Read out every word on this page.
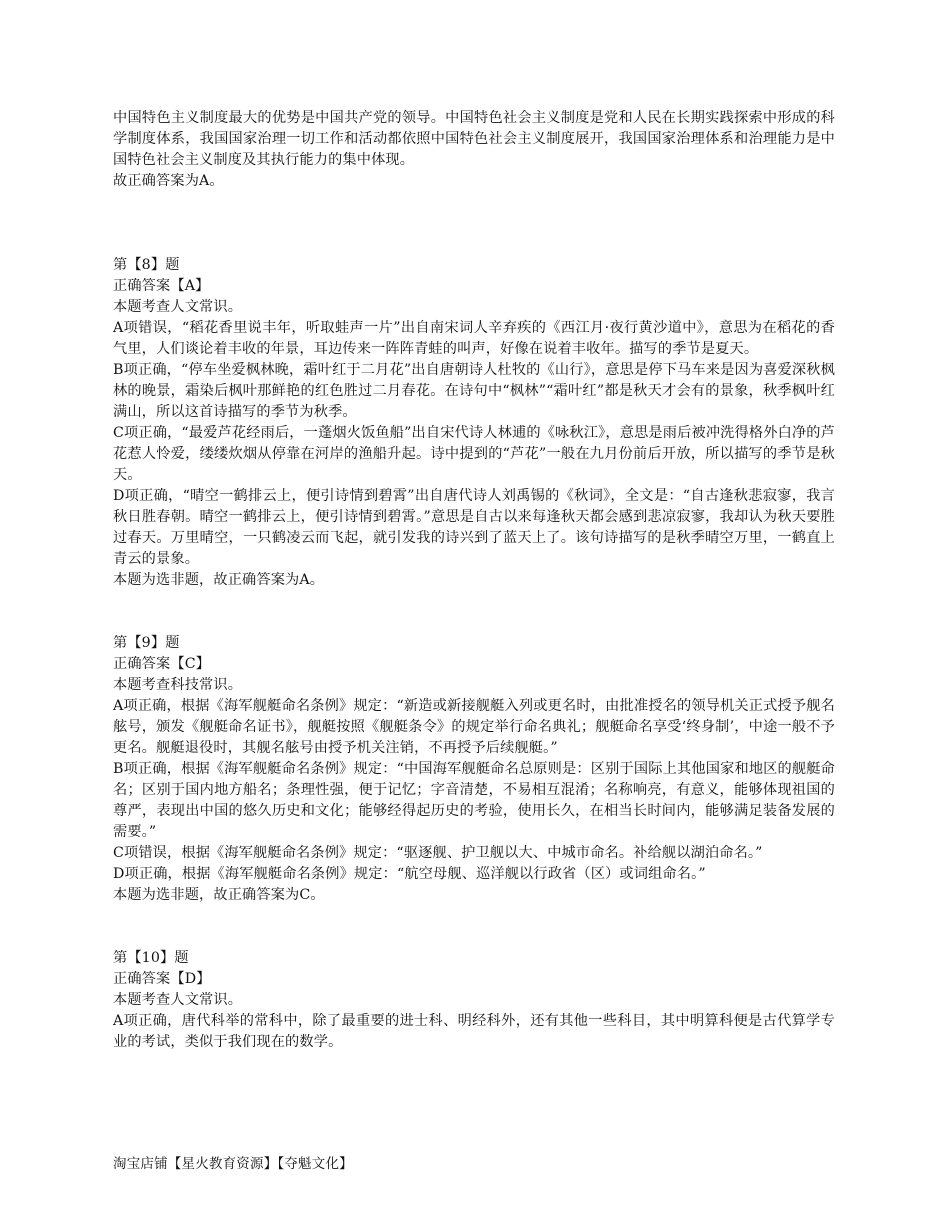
中国特色主义制度最大的优势是中国共产党的领导。中国特色社会主义制度是党和人民在长期实践探索中形成的科学制度体系，我国国家治理一切工作和活动都依照中国特色社会主义制度展开，我国国家治理体系和治理能力是中国特色社会主义制度及其执行能力的集中体现。

故正确答案为A。

第【8】题

正确答案【A】

本题考查人文常识。

A项错误，“稻花香里说丰年，听取蛙声一片”出自南宋词人辛弃疾的《西江月·夜行黄沙道中》，意思为在稻花的香气里，人们谈论着丰收的年景，耳边传来一阵阵青蛙的叫声，好像在说着丰收年。描写的季节是夏天。

B项正确，“停车坐爱枫林晚，霜叶红于二月花”出自唐朝诗人杜牧的《山行》，意思是停下马车来是因为喜爱深秋枫林的晚景，霜染后枫叶那鲜艳的红色胜过二月春花。在诗句中“枫林”“霜叶红”都是秋天才会有的景象，秋季枫叶红满山，所以这首诗描写的季节为秋季。

C项正确，“最爱芦花经雨后，一蓬烟火饭鱼船”出自宋代诗人林逋的《咏秋江》，意思是雨后被冲洗得格外白净的芦花惹人怜爱，缕缕炊烟从停靠在河岸的渔船升起。诗中提到的“芦花”一般在九月份前后开放，所以描写的季节是秋天。

D项正确，“晴空一鹤排云上，便引诗情到碧霄”出自唐代诗人刘禹锡的《秋词》，全文是：“自古逢秋悲寂寥，我言秋日胜春朝。晴空一鹤排云上，便引诗情到碧霄。”意思是自古以来每逢秋天都会感到悲凉寂寥，我却认为秋天要胜过春天。万里晴空，一只鹤凌云而飞起，就引发我的诗兴到了蓝天上了。该句诗描写的是秋季晴空万里，一鹤直上青云的景象。

本题为选非题，故正确答案为A。

第【9】题

正确答案【C】

本题考查科技常识。

A项正确，根据《海军舰艇命名条例》规定：“新造或新接舰艇入列或更名时，由批准授名的领导机关正式授予舰名舷号，颁发《舰艇命名证书》，舰艇按照《舰艇条令》的规定举行命名典礼；舰艇命名享受‘终身制’，中途一般不予更名。舰艇退役时，其舰名舷号由授予机关注销，不再授予后续舰艇。”

B项正确，根据《海军舰艇命名条例》规定：“中国海军舰艇命名总原则是：区别于国际上其他国家和地区的舰艇命名；区别于国内地方船名；条理性强，便于记忆；字音清楚，不易相互混淆；名称响亮，有意义，能够体现祖国的尊严，表现出中国的悠久历史和文化；能够经得起历史的考验，使用长久，在相当长时间内，能够满足装备发展的需要。”

C项错误，根据《海军舰艇命名条例》规定：“驱逐舰、护卫舰以大、中城市命名。补给舰以湖泊命名。”

D项正确，根据《海军舰艇命名条例》规定：“航空母舰、巡洋舰以行政省（区）或词组命名。”

本题为选非题，故正确答案为C。

第【10】题

正确答案【D】

本题考查人文常识。

A项正确，唐代科举的常科中，除了最重要的进士科、明经科外，还有其他一些科目，其中明算科便是古代算学专业的考试，类似于我们现在的数学。

淘宝店铺【星火教育资源】【夺魁文化】
